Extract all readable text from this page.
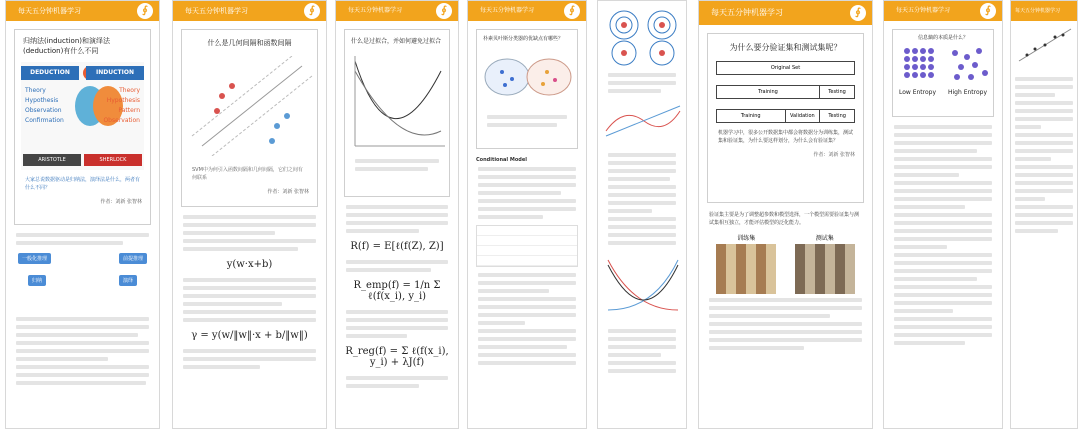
每天五分钟机器学习	∮
归纳法(induction)和演绎法(deduction)有什么不同
DEDUCTION	INDUCTION
Theory
Hypothesis
Observation
Confirmation
Theory
Hypothesis
Pattern
Observation
ARISTOTLE	SHERLOCK
大家总说数据驱动是归纳法，演绎法是什么，两者有什么不同？
作者：刘新 张智林
一般化推理	前提推理
归纳	演绎
每天五分钟机器学习	∮
什么是几何间隔和函数间隔
SVM中为何引入函数间隔和几何间隔，它们之间有何联系
作者：刘新 张智林
y(w·x+b)
γ = y(w/‖w‖·x + b/‖w‖)
每天五分钟机器学习	∮
什么是过拟合，并如何避免过拟合
R(f) = E[ℓ(f(Z), Z)]
R_emp(f) = 1/n Σ ℓ(f(x_i), y_i)
R_reg(f) = Σ ℓ(f(x_i), y_i) + λJ(f)
每天五分钟机器学习	∮
朴素贝叶斯分类器的优缺点有哪些？
Conditional Model
每天五分钟机器学习	∮
为什么要分验证集和测试集呢？
Original Set
Training	Testing
Training	Validation	Testing
机器学习中，很多公开数据集中都会将数据分为训练集，测试集和验证集，为什么要这样划分，为什么会有验证集？
作者：刘新 张智林
验证集主要是为了调整超参数和模型选择，一个模型需要验证集与测试集相互独立，才能评估模型的泛化能力。
训练集	测试集
每天五分钟机器学习	∮
信息熵的本质是什么？
Low Entropy High Entropy
每天五分钟机器学习
